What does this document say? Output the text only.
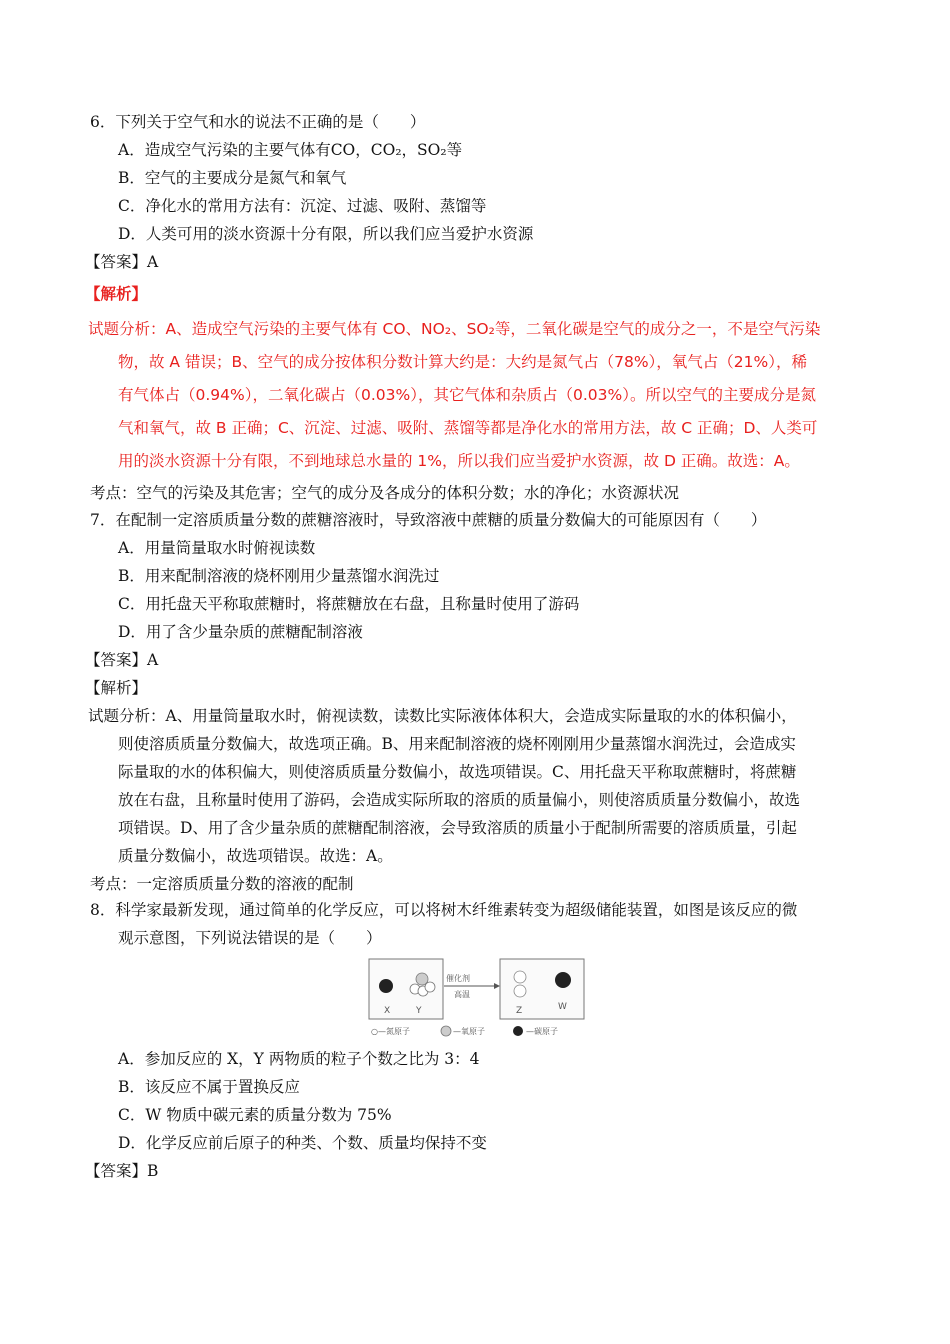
6．下列关于空气和水的说法不正确的是（　　）
A．造成空气污染的主要气体有CO，CO₂，SO₂等
B．空气的主要成分是氮气和氧气
C．净化水的常用方法有：沉淀、过滤、吸附、蒸馏等
D．人类可用的淡水资源十分有限，所以我们应当爱护水资源
【答案】A
【解析】
试题分析：A、造成空气污染的主要气体有 CO、NO₂、SO₂等，二氧化碳是空气的成分之一，不是空气污染
物，故 A 错误；B、空气的成分按体积分数计算大约是：大约是氮气占（78%），氧气占（21%），稀
有气体占（0.94%），二氧化碳占（0.03%），其它气体和杂质占（0.03%）。所以空气的主要成分是氮
气和氧气，故 B 正确；C、沉淀、过滤、吸附、蒸馏等都是净化水的常用方法，故 C 正确；D、人类可
用的淡水资源十分有限，不到地球总水量的 1%，所以我们应当爱护水资源，故 D 正确。故选：A。
考点：空气的污染及其危害；空气的成分及各成分的体积分数；水的净化；水资源状况
7．在配制一定溶质质量分数的蔗糖溶液时，导致溶液中蔗糖的质量分数偏大的可能原因有（　　）
A．用量筒量取水时俯视读数
B．用来配制溶液的烧杯刚用少量蒸馏水润洗过
C．用托盘天平称取蔗糖时，将蔗糖放在右盘，且称量时使用了游码
D．用了含少量杂质的蔗糖配制溶液
【答案】A
【解析】
试题分析：A、用量筒量取水时，俯视读数，读数比实际液体体积大，会造成实际量取的水的体积偏小，
则使溶质质量分数偏大，故选项正确。B、用来配制溶液的烧杯刚刚用少量蒸馏水润洗过，会造成实
际量取的水的体积偏大，则使溶质质量分数偏小，故选项错误。C、用托盘天平称取蔗糖时，将蔗糖
放在右盘，且称量时使用了游码，会造成实际所取的溶质的质量偏小，则使溶质质量分数偏小，故选
项错误。D、用了含少量杂质的蔗糖配制溶液，会导致溶质的质量小于配制所需要的溶质质量，引起
质量分数偏小，故选项错误。故选：A。
考点：一定溶质质量分数的溶液的配制
8．科学家最新发现，通过简单的化学反应，可以将树木纤维素转变为超级储能装置，如图是该反应的微
观示意图，下列说法错误的是（　　）
X	Y
催化剂
高温
Z	W
○—氮原子	—氧原子	—碳原子
A．参加反应的 X，Y 两物质的粒子个数之比为 3：4
B．该反应不属于置换反应
C．W 物质中碳元素的质量分数为 75%
D．化学反应前后原子的种类、个数、质量均保持不变
【答案】B
